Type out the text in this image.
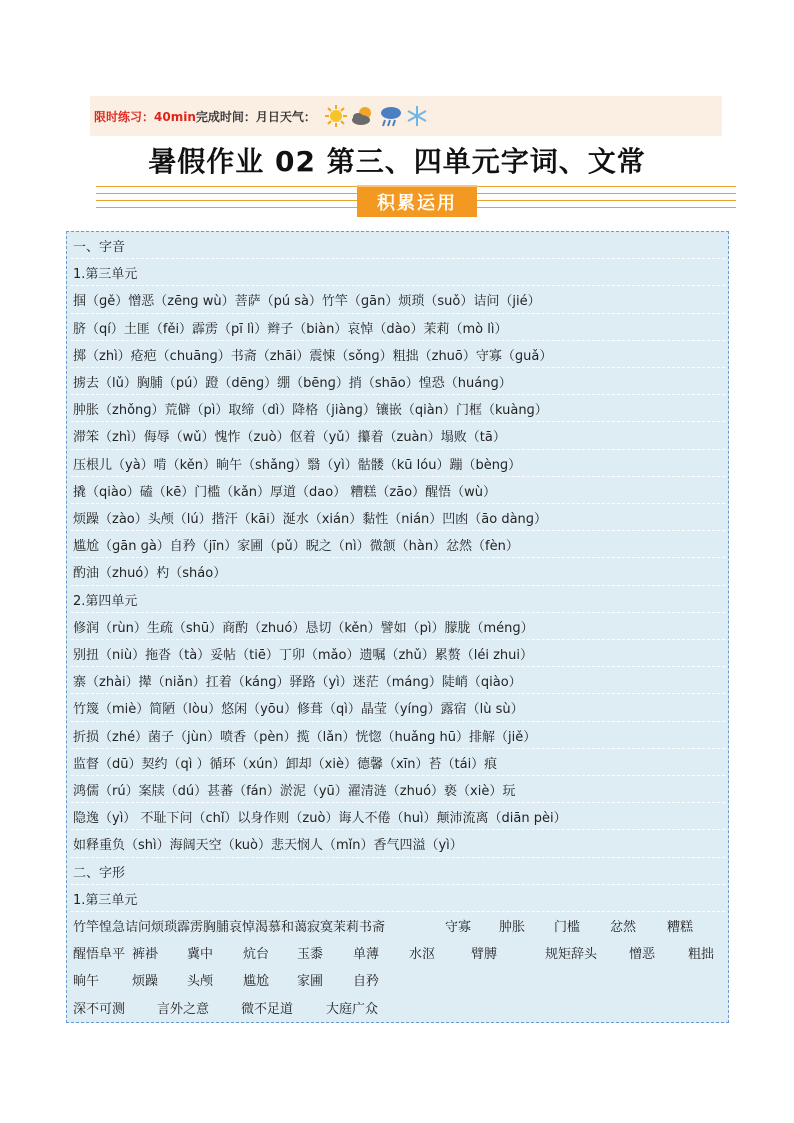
限时练习：40min 完成时间：月日天气：
暑假作业 02 第三、四单元字词、文常
积累运用
一、字音
1.第三单元
掴（ɡě）憎恶（zēnɡ wù）菩萨（pú sà）竹竿（ɡān）烦琐（suǒ）诘问（jié）
脐（qí）土匪（fěi）霹雳（pī lì）辫子（biàn）哀悼（dào）茉莉（mò lì）
掷（zhì）疮疤（chuānɡ）书斋（zhāi）震悚（sǒnɡ）粗拙（zhuō）守寡（ɡuǎ）
掳去（lǔ）胸脯（pú）蹬（dēnɡ）绷（bēnɡ）捎（shāo）惶恐（huánɡ）
肿胀（zhǒnɡ）荒僻（pì）取缔（dì）降格（jiànɡ）镶嵌（qiàn）门框（kuànɡ）
滞笨（zhì）侮辱（wǔ）愧怍（zuò）伛着（yǔ）攥着（zuàn）塌败（tā）
压根儿（yà）啃（kěn）晌午（shǎnɡ）翳（yì）骷髅（kū lóu）蹦（bènɡ）
撬（qiào）磕（kē）门槛（kǎn）厚道（dao） 糟糕（zāo）醒悟（wù）
烦躁（zào）头颅（lú）揩汗（kāi）涎水（xián）黏性（nián）凹凼（āo dànɡ）
尴尬（ɡān ɡà）自矜（jīn）家圃（pǔ）睨之（nì）微颔（hàn）忿然（fèn）
酌油（zhuó）杓（sháo）
2.第四单元
修润（rùn）生疏（shū）商酌（zhuó）恳切（kěn）譬如（pì）朦胧（ménɡ）
别扭（niù）拖沓（tà）妥帖（tiē）丁卯（mǎo）遗嘱（zhǔ）累赘（léi zhui）
寨（zhài）撵（niǎn）扛着（kánɡ）驿路（yì）迷茫（mánɡ）陡峭（qiào）
竹篾（miè）简陋（lòu）悠闲（yōu）修葺（qì）晶莹（yínɡ）露宿（lù sù）
折损（zhé）菌子（jùn）喷香（pèn）揽（lǎn）恍惚（huǎnɡ hū）排解（jiě）
监督（dū）契约（qì ）循环（xún）卸却（xiè）德馨（xīn）苔（tái）痕
鸿儒（rú）案牍（dú）甚蕃（fán）淤泥（yū）濯清涟（zhuó）亵（xiè）玩
隐逸（yì） 不耻下问（chǐ）以身作则（zuò）诲人不倦（huì）颠沛流离（diān pèi）
如释重负（shì）海阔天空（kuò）悲天悯人（mǐn）香气四溢（yì）
二、字形
1.第三单元
竹竿惶急诘问烦琐霹雳胸脯哀悼渴慕和蔼寂寞茉莉书斋	守寡 肿胀 门槛 忿然 糟糕
醒悟阜平 裤褂 冀中 炕台 玉黍 单薄 水沤	臂膊	规矩辞头 憎恶	粗拙
晌午	烦躁 头颅 尴尬 家圃 自矜
深不可测 言外之意 微不足道	大庭广众
